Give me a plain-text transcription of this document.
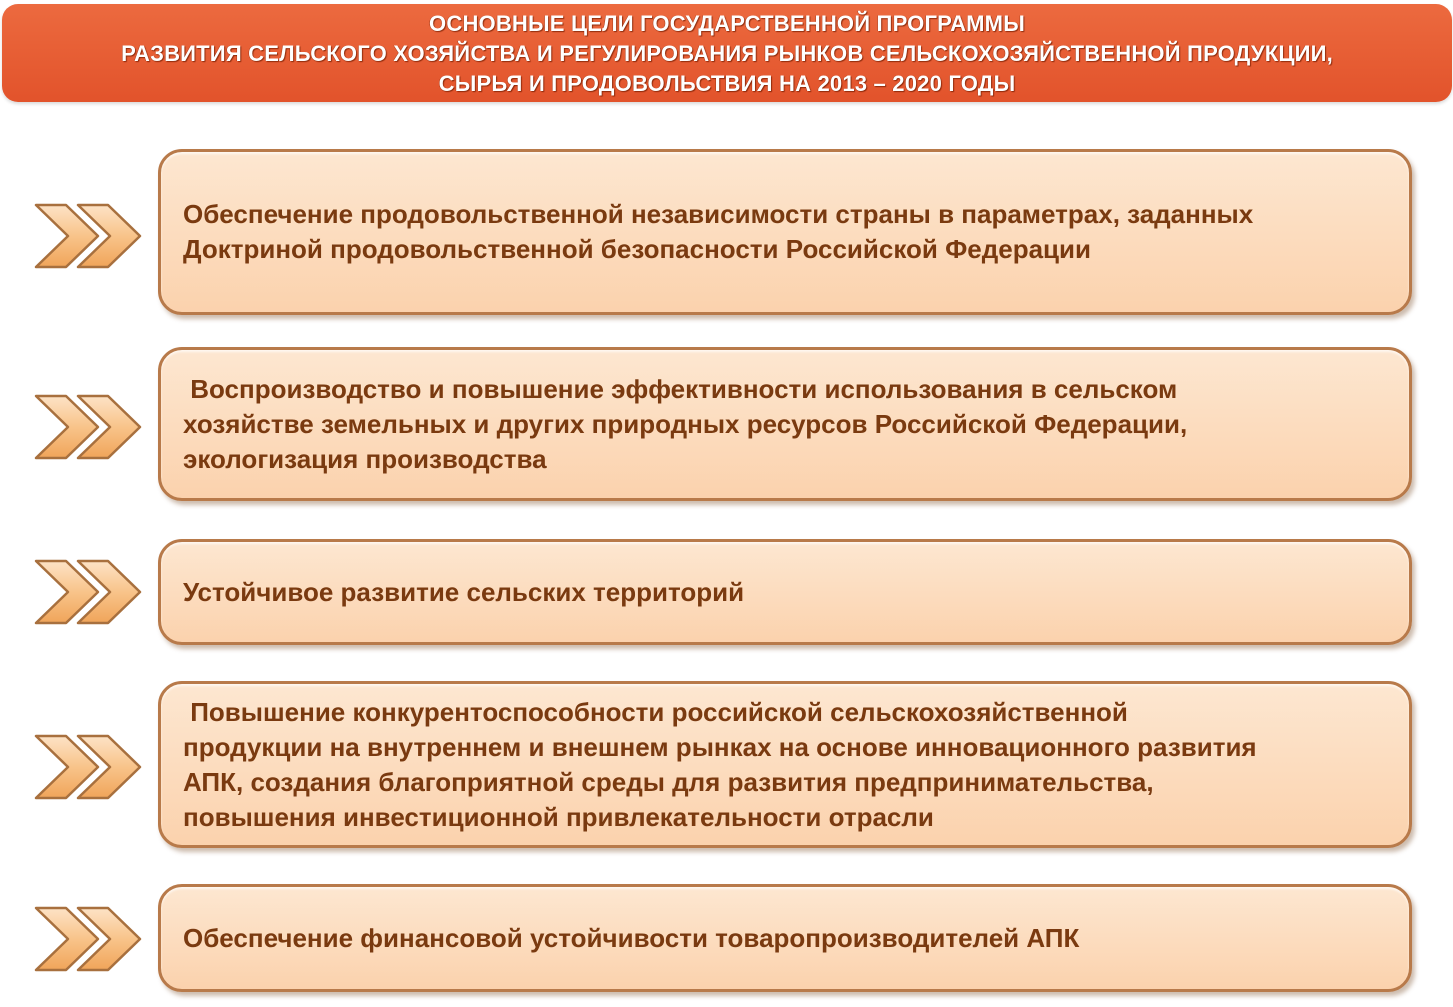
ОСНОВНЫЕ ЦЕЛИ ГОСУДАРСТВЕННОЙ ПРОГРАММЫ
РАЗВИТИЯ СЕЛЬСКОГО ХОЗЯЙСТВА И РЕГУЛИРОВАНИЯ РЫНКОВ СЕЛЬСКОХОЗЯЙСТВЕННОЙ ПРОДУКЦИИ,
СЫРЬЯ И ПРОДОВОЛЬСТВИЯ НА 2013 – 2020 ГОДЫ
Обеспечение продовольственной независимости страны в параметрах, заданных
Доктриной продовольственной безопасности Российской Федерации
Воспроизводство и повышение эффективности использования в сельском
хозяйстве земельных и других природных ресурсов Российской Федерации,
экологизация производства
Устойчивое развитие сельских территорий
Повышение конкурентоспособности российской сельскохозяйственной
продукции на внутреннем и внешнем рынках на основе инновационного развития
АПК, создания благоприятной среды для развития предпринимательства,
повышения инвестиционной привлекательности отрасли
Обеспечение финансовой устойчивости товаропроизводителей АПК
